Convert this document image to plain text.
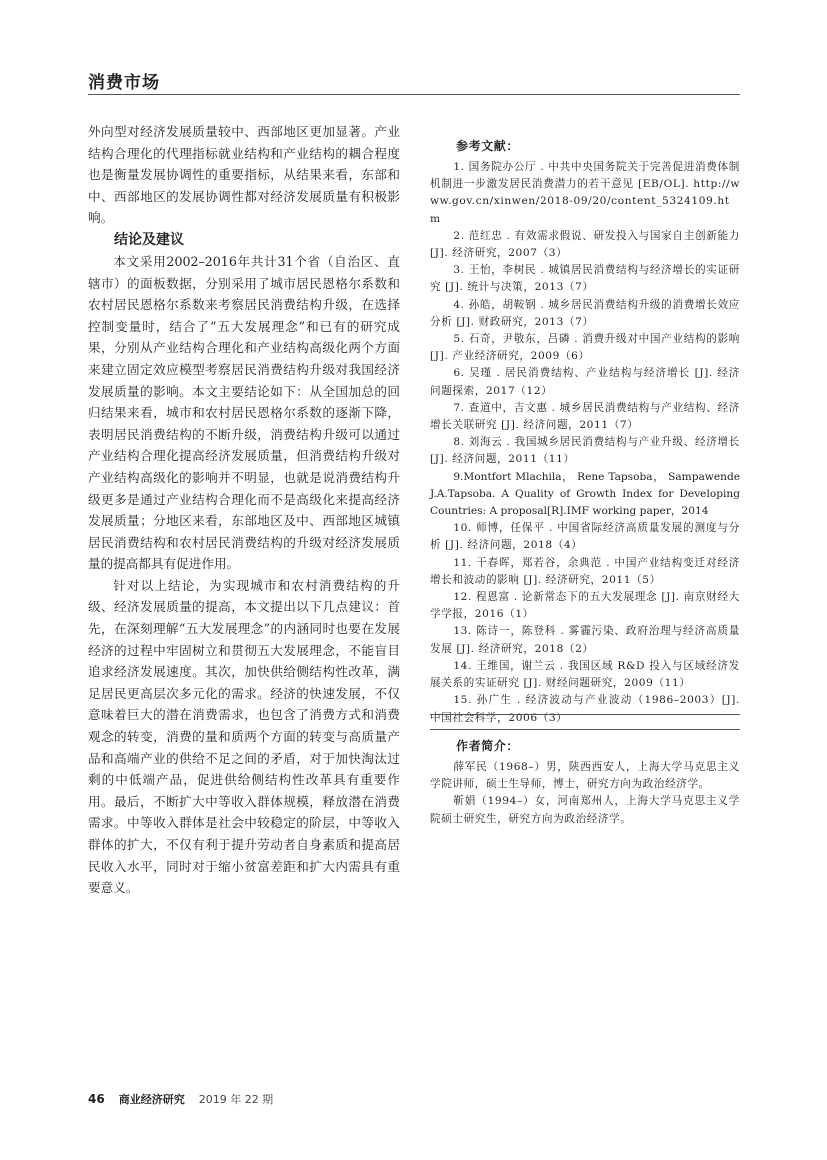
消费市场

外向型对经济发展质量较中、西部地区更加显著。产业结构合理化的代理指标就业结构和产业结构的耦合程度也是衡量发展协调性的重要指标，从结果来看，东部和中、西部地区的发展协调性都对经济发展质量有积极影响。

结论及建议

本文采用2002–2016年共计31个省（自治区、直辖市）的面板数据，分别采用了城市居民恩格尔系数和农村居民恩格尔系数来考察居民消费结构升级，在选择控制变量时，结合了“五大发展理念”和已有的研究成果，分别从产业结构合理化和产业结构高级化两个方面来建立固定效应模型考察居民消费结构升级对我国经济发展质量的影响。本文主要结论如下：从全国加总的回归结果来看，城市和农村居民恩格尔系数的逐渐下降，表明居民消费结构的不断升级，消费结构升级可以通过产业结构合理化提高经济发展质量，但消费结构升级对产业结构高级化的影响并不明显，也就是说消费结构升级更多是通过产业结构合理化而不是高级化来提高经济发展质量；分地区来看，东部地区及中、西部地区城镇居民消费结构和农村居民消费结构的升级对经济发展质量的提高都具有促进作用。

针对以上结论，为实现城市和农村消费结构的升级、经济发展质量的提高，本文提出以下几点建议：首先，在深刻理解“五大发展理念”的内涵同时也要在发展经济的过程中牢固树立和贯彻五大发展理念，不能盲目追求经济发展速度。其次，加快供给侧结构性改革，满足居民更高层次多元化的需求。经济的快速发展，不仅意味着巨大的潜在消费需求，也包含了消费方式和消费观念的转变，消费的量和质两个方面的转变与高质量产品和高端产业的供给不足之间的矛盾，对于加快淘汰过剩的中低端产品，促进供给侧结构性改革具有重要作用。最后，不断扩大中等收入群体规模，释放潜在消费需求。中等收入群体是社会中较稳定的阶层，中等收入群体的扩大，不仅有利于提升劳动者自身素质和提高居民收入水平，同时对于缩小贫富差距和扩大内需具有重要意义。

参考文献：

1. 国务院办公厅 . 中共中央国务院关于完善促进消费体制机制进一步激发居民消费潜力的若干意见 [EB/OL]. http://www.gov.cn/xinwen/2018-09/20/content_5324109.htm

2. 范红忠 . 有效需求假说、研发投入与国家自主创新能力 [J]. 经济研究，2007（3）

3. 王怡，李树民 . 城镇居民消费结构与经济增长的实证研究 [J]. 统计与决策，2013（7）

4. 孙皓，胡鞍钢 . 城乡居民消费结构升级的消费增长效应分析 [J]. 财政研究，2013（7）

5. 石奇，尹敬东，吕磷 . 消费升级对中国产业结构的影响 [J]. 产业经济研究，2009（6）

6. 吴瑾 . 居民消费结构、产业结构与经济增长 [J]. 经济问题探索，2017（12）

7. 查道中，吉文惠 . 城乡居民消费结构与产业结构、经济增长关联研究 [J]. 经济问题，2011（7）

8. 刘海云 . 我国城乡居民消费结构与产业升级、经济增长 [J]. 经济问题，2011（11）

9.Montfort Mlachila， Rene Tapsoba， Sampawende J.A.Tapsoba. A Quality of Growth Index for Developing Countries: A proposal[R].IMF working paper，2014

10. 师博，任保平 . 中国省际经济高质量发展的测度与分析 [J]. 经济问题，2018（4）

11. 干春晖，郑若谷，余典范 . 中国产业结构变迁对经济增长和波动的影响 [J]. 经济研究，2011（5）

12. 程恩富 . 论新常态下的五大发展理念 [J]. 南京财经大学学报，2016（1）

13. 陈诗一，陈登科 . 雾霾污染、政府治理与经济高质量发展 [J]. 经济研究，2018（2）

14. 王维国，谢兰云 . 我国区域 R&D 投入与区域经济发展关系的实证研究 [J]. 财经问题研究，2009（11）

15. 孙广生 . 经济波动与产业波动（1986–2003）[J]. 中国社会科学，2006（3）

作者简介：

薛军民（1968–）男，陕西西安人，上海大学马克思主义学院讲师，硕士生导师，博士，研究方向为政治经济学。

靳娟（1994–）女，河南郑州人，上海大学马克思主义学院硕士研究生，研究方向为政治经济学。

46 商业经济研究 2019 年 22 期
